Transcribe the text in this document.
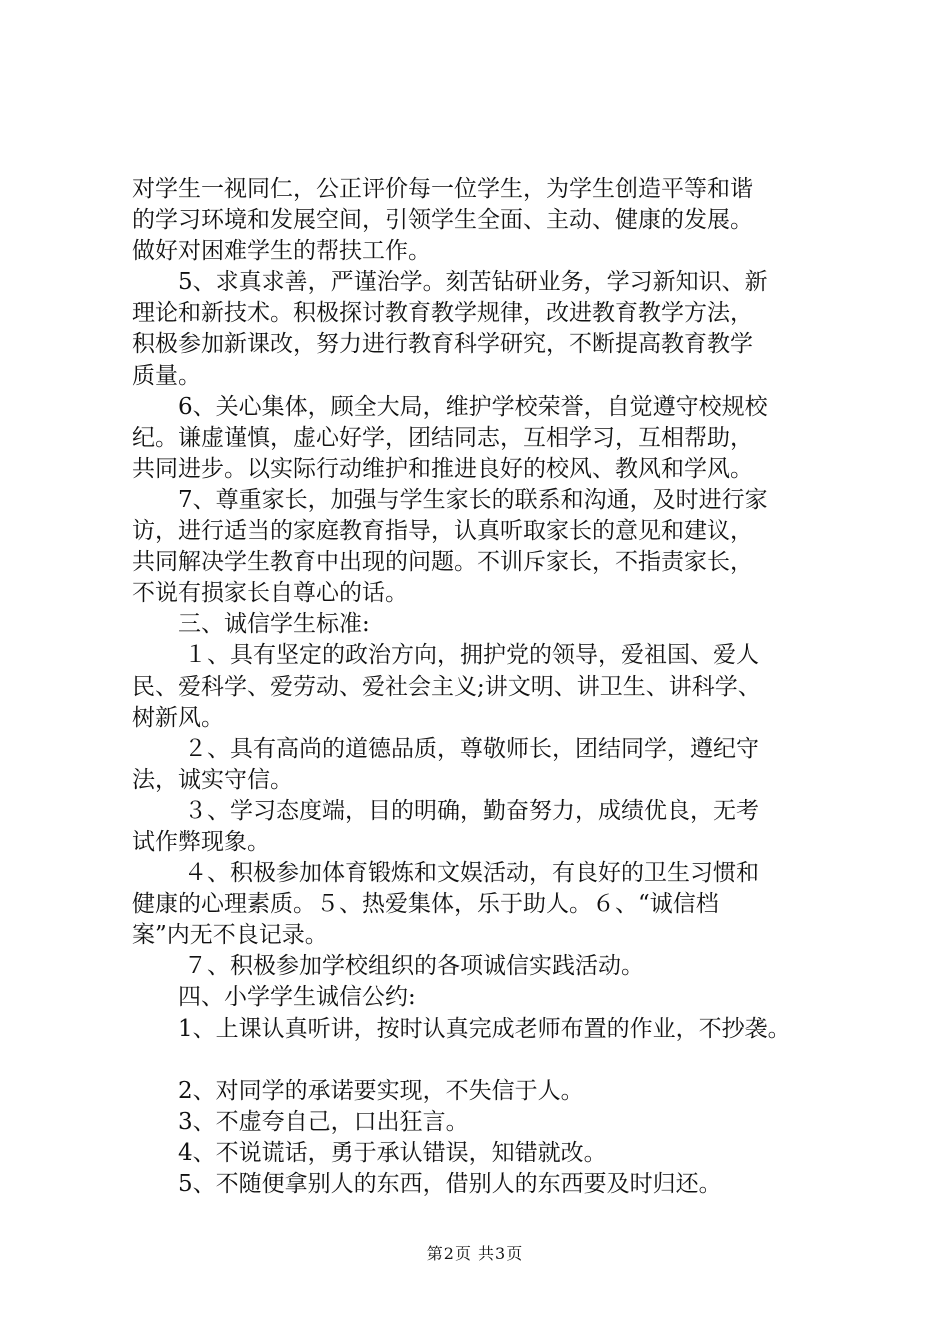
对学生一视同仁，公正评价每一位学生，为学生创造平等和谐
的学习环境和发展空间，引领学生全面、主动、健康的发展。
做好对困难学生的帮扶工作。
5、求真求善，严谨治学。刻苦钻研业务，学习新知识、新
理论和新技术。积极探讨教育教学规律，改进教育教学方法，
积极参加新课改，努力进行教育科学研究，不断提高教育教学
质量。
6、关心集体，顾全大局，维护学校荣誉，自觉遵守校规校
纪。谦虚谨慎，虚心好学，团结同志，互相学习，互相帮助，
共同进步。以实际行动维护和推进良好的校风、教风和学风。
7、尊重家长，加强与学生家长的联系和沟通，及时进行家
访，进行适当的家庭教育指导，认真听取家长的意见和建议，
共同解决学生教育中出现的问题。不训斥家长，不指责家长，
不说有损家长自尊心的话。
三、诚信学生标准:
１、具有坚定的政治方向，拥护党的领导，爱祖国、爱人
民、爱科学、爱劳动、爱社会主义;讲文明、讲卫生、讲科学、
树新风。
２、具有高尚的道德品质，尊敬师长，团结同学，遵纪守
法，诚实守信。
３、学习态度端，目的明确，勤奋努力，成绩优良，无考
试作弊现象。
４、积极参加体育锻炼和文娱活动，有良好的卫生习惯和
健康的心理素质。５、热爱集体，乐于助人。６、“诚信档
案”内无不良记录。
７、积极参加学校组织的各项诚信实践活动。
四、小学学生诚信公约:
1、上课认真听讲，按时认真完成老师布置的作业，不抄袭。
2、对同学的承诺要实现，不失信于人。
3、不虚夸自己，口出狂言。
4、不说谎话，勇于承认错误，知错就改。
5、不随便拿别人的东西，借别人的东西要及时归还。
第2页 共3页
